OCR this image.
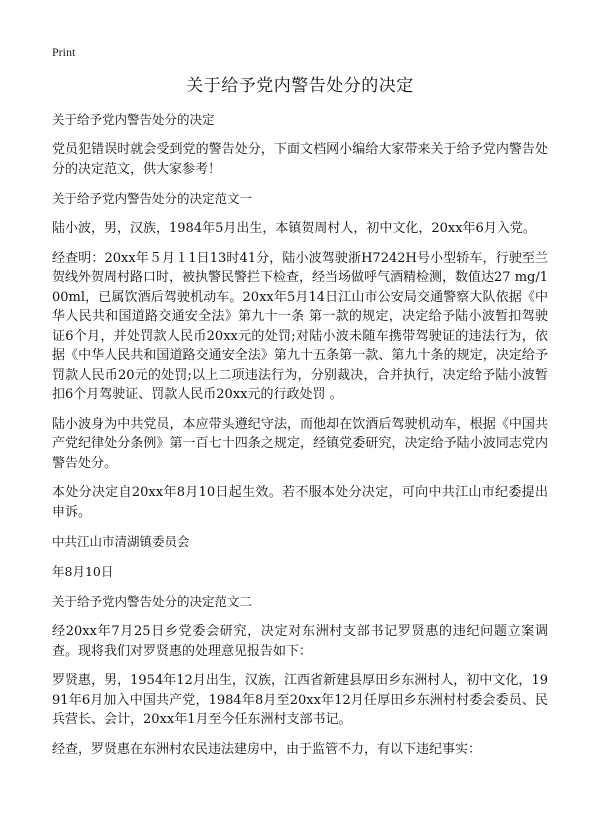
Print
关于给予党内警告处分的决定
关于给予党内警告处分的决定

党员犯错误时就会受到党的警告处分，下面文档网小编给大家带来关于给予党内警告处分的决定范文，供大家参考！

关于给予党内警告处分的决定范文一

陆小波，男，汉族，1984年5月出生，本镇贺周村人，初中文化，20xx年6月入党。

经查明：20xx年５月１1日13时41分，陆小波驾驶浙H7242H号小型轿车，行驶至兰贺线外贺周村路口时，被执警民警拦下检查，经当场做呼气酒精检测，数值达27 mg/100ml，已属饮酒后驾驶机动车。20xx年5月14日江山市公安局交通警察大队依据《中华人民共和国道路交通安全法》第九十一条 第一款的规定，决定给予陆小波暂扣驾驶证6个月，并处罚款人民币20xx元的处罚;对陆小波未随车携带驾驶证的违法行为，依据《中华人民共和国道路交通安全法》第九十五条第一款、第九十条的规定，决定给予罚款人民币20元的处罚;以上二项违法行为，分别裁决，合并执行，决定给予陆小波暂扣6个月驾驶证、罚款人民币20xx元的行政处罚 。

陆小波身为中共党员，本应带头遵纪守法，而他却在饮酒后驾驶机动车，根据《中国共产党纪律处分条例》第一百七十四条之规定，经镇党委研究，决定给予陆小波同志党内警告处分。

本处分决定自20xx年8月10日起生效。若不服本处分决定，可向中共江山市纪委提出申诉。

中共江山市清湖镇委员会
年8月10日
关于给予党内警告处分的决定范文二

经20xx年7月25日乡党委会研究，决定对东洲村支部书记罗贤惠的违纪问题立案调查。现将我们对罗贤惠的处理意见报告如下：

罗贤惠，男，1954年12月出生，汉族，江西省新建县厚田乡东洲村人，初中文化，1991年6月加入中国共产党，1984年8月至20xx年12月任厚田乡东洲村村委会委员、民兵营长、会计，20xx年1月至今任东洲村支部书记。

经查，罗贤惠在东洲村农民违法建房中，由于监管不力，有以下违纪事实：
